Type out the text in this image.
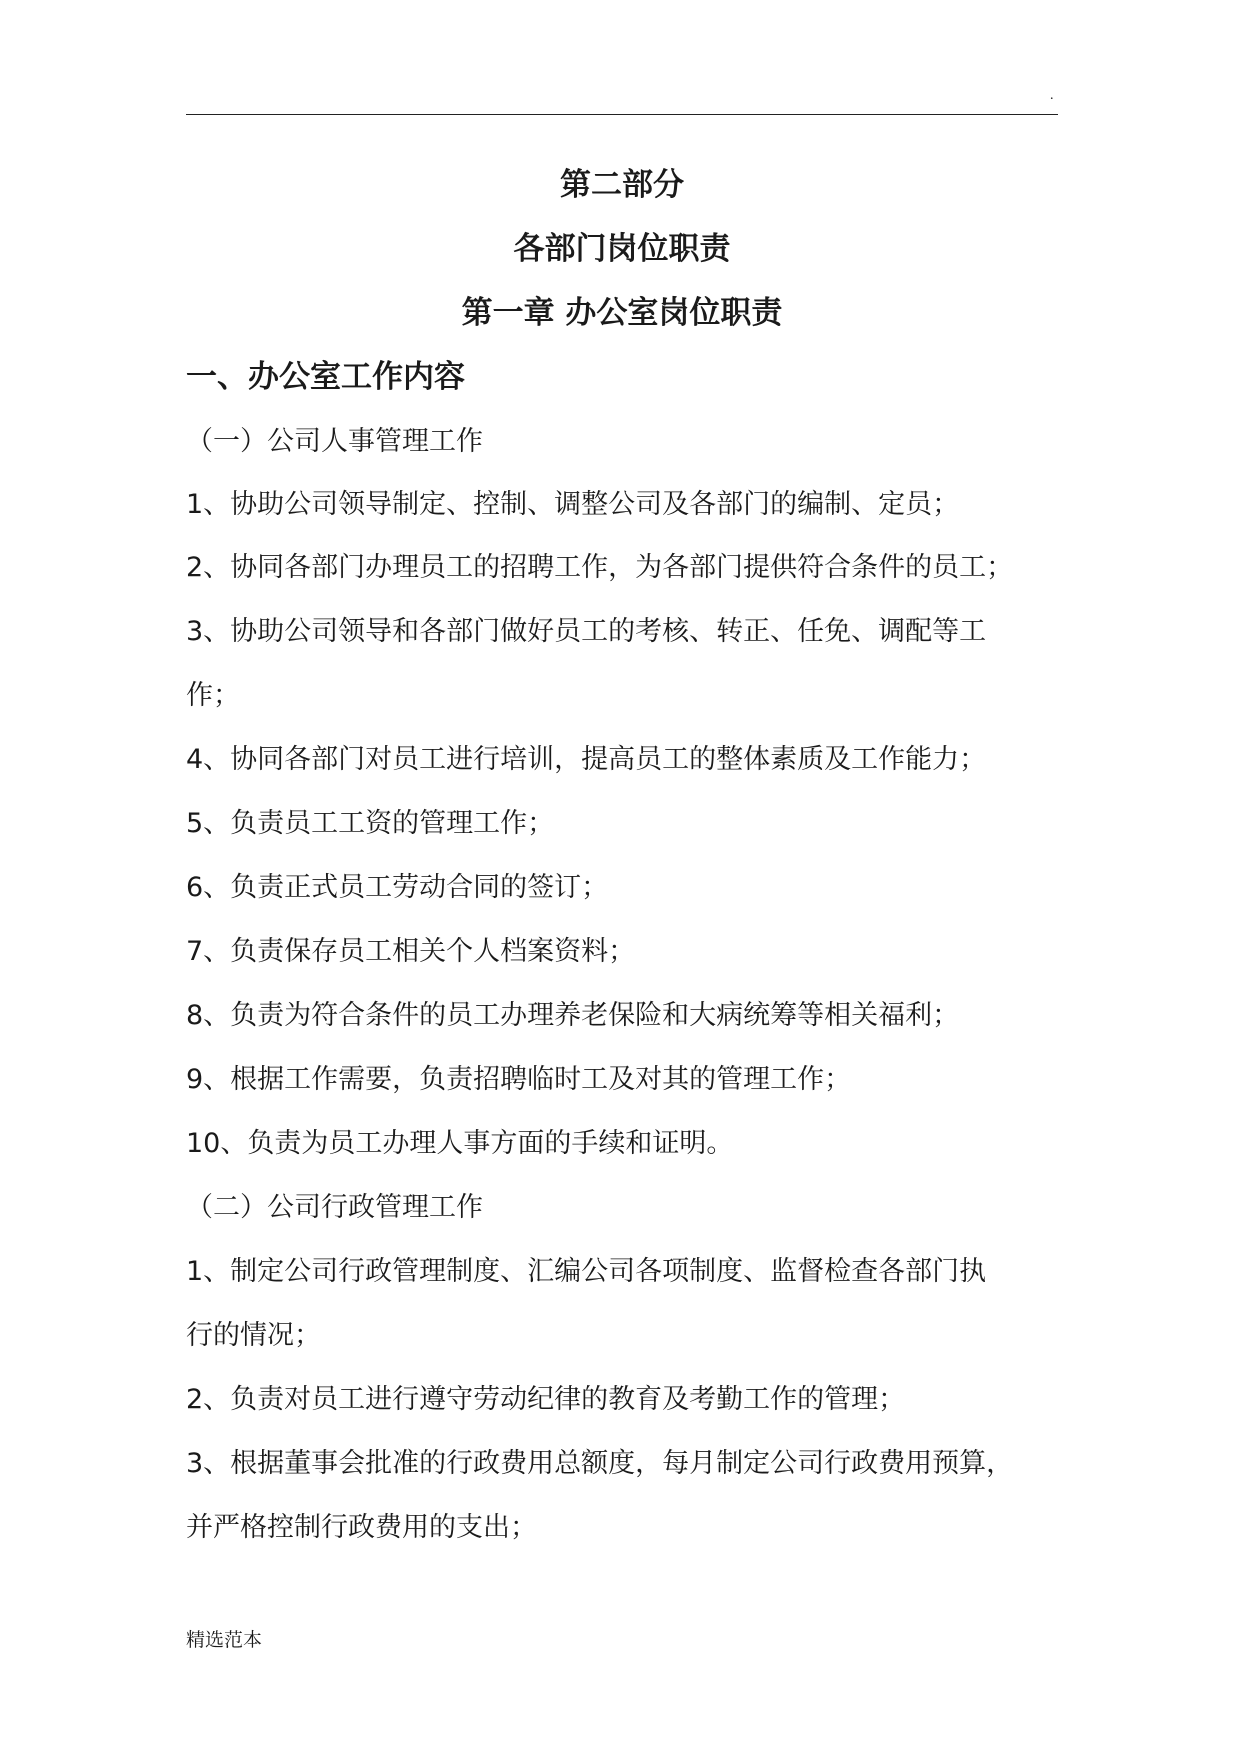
.
第二部分
各部门岗位职责
第一章 办公室岗位职责
一、办公室工作内容
（一）公司人事管理工作
1、协助公司领导制定、控制、调整公司及各部门的编制、定员；
2、协同各部门办理员工的招聘工作，为各部门提供符合条件的员工；
3、协助公司领导和各部门做好员工的考核、转正、任免、调配等工
作；
4、协同各部门对员工进行培训，提高员工的整体素质及工作能力；
5、负责员工工资的管理工作；
6、负责正式员工劳动合同的签订；
7、负责保存员工相关个人档案资料；
8、负责为符合条件的员工办理养老保险和大病统筹等相关福利；
9、根据工作需要，负责招聘临时工及对其的管理工作；
10、负责为员工办理人事方面的手续和证明。
（二）公司行政管理工作
1、制定公司行政管理制度、汇编公司各项制度、监督检查各部门执
行的情况；
2、负责对员工进行遵守劳动纪律的教育及考勤工作的管理；
3、根据董事会批准的行政费用总额度，每月制定公司行政费用预算，
并严格控制行政费用的支出；
精选范本
